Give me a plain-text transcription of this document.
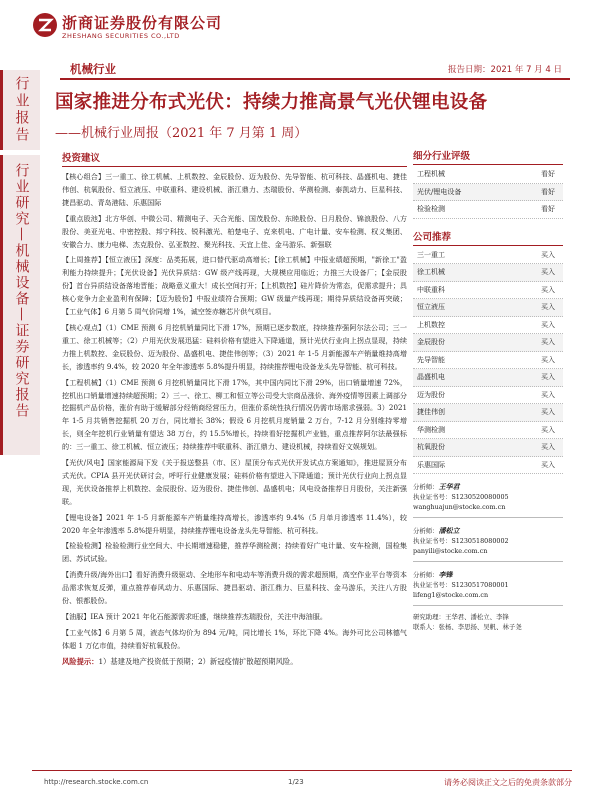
浙商证券股份有限公司
ZHESHANG SECURITIES CO.,LTD
机械行业	报告日期：2021 年 7 月 4 日
行业报告
行业研究—机械设备—证券研究报告
国家推进分布式光伏：持续力推高景气光伏锂电设备
——机械行业周报（2021 年 7 月第 1 周）
投资建议

【核心组合】三一重工、徐工机械、上机数控、金辰股份、迈为股份、先导智能、杭可科技、晶盛机电、捷佳伟创、杭氧股份、恒立液压、中联重科、建设机械、浙江鼎力、杰瑞股份、华测检测、泰凯动力、巨星科技、捷昌驱动、青岛港陆、乐惠国际

【重点股池】北方华创、中微公司、精测电子、天合光能、国茂股份、东睦股份、日月股份、锦浪股份、八方股份、美亚光电、中密控股、邦宁科技、锐科激光、柏楚电子、克来机电、广电计量、安车检测、权义集团、安徽合力、康力电梯、杰克股份、弘亚数控、聚光科技、天宜上佳、金马游乐、新强联

【上周推荐】【恒立液压】深度：品类拓展，进口替代驱动高增长；【徐工机械】中报业绩超预期，"新徐工"盈利能力持续提升；【光伏设备】光伏异质结：GW 级产线再现，大规模应用临近；力推三大设备厂；【金辰股份】首台异质结设备落地晋能；战略意义重大！成长空间打开；【上机数控】硅片降价为常态，促需求提升；具核心竞争力企业盈利有保障；【迈为股份】中报业绩符合预期；GW 级量产线再现；期待异质结设备再突破；【工业气体】6 月第 5 周气价同增 1%，诚空签赤糖芯片供气项目。

【核心观点】（1）CME 预测 6 月挖机销量同比下滑 17%，预期已逐步数底，持续推荐强阿尔法公司；三一重工、徐工机械等；（2）户用光伏发展迅猛：硅料价格有望进入下降通道，预计光伏行业向上拐点显现，持续力推上机数控、金辰股份、迈为股份、晶盛机电、捷佳伟创等；（3）2021 年 1-5 月新能源车产销量维持高增长，渗透率约 9.4%，较 2020 年全年渗透率 5.8%提升明显，持续推荐锂电设备龙头先导智能、杭可科技。

【工程机械】（1）CME 预测 6 月挖机销量同比下滑 17%，其中国内同比下滑 29%，出口销量增速 72%，挖机出口销量增速持续超预期；2）三一、徐工、柳工和恒立等公司受大宗商品涨价、海外疫情等因素上调部分挖掘机产品价格，涨价有助于缓解部分经销商经营压力，但涨价系统性执行情况仍需市场需求强弱。3）2021 年 1-5 月共销售挖掘机 20 万台，同比增长 38%；假设 6 月挖机月度销量 2 万台，7-12 月分别维持零增长，则全年挖机行业销量有望达 38 万台，约 15.5%增长，持续看好挖掘机产业链，重点推荐阿尔法最强标的：三一重工、徐工机械、恒立液压；持续推荐中联重科、浙江鼎力、建设机械，持续看好文娱规划。

【光伏/风电】国家能源局下发《关于报送整县（市、区）屋顶分布式光伏开发试点方案通知》，推进屋顶分布式光伏。CPIA 县开光伏研讨会，呼吁行业健康发展；硅料价格有望进入下降通道；预计光伏行业向上拐点显现，光伏设备推荐上机数控、金辰股份、迈为股份、捷佳伟创、晶盛机电；风电设备推荐日月股份，关注新强联。

【锂电设备】2021 年 1-5 月新能源车产销量维持高增长，渗透率约 9.4%（5 月单月渗透率 11.4%），较 2020 年全年渗透率 5.8%提升明显，持续推荐锂电设备龙头先导智能、杭可科技。

【检验检测】检验检测行业空间大、中长期增速稳健，推荐华测检测；持续看好广电计量、安车检测，国检集团、苏试试验。

【消费升级/海外出口】看好消费升级驱动、全地形车和电动车等消费升级的需求超预期，高空作业平台等资本品需求恢复反弹，重点推荐春风动力、乐惠国际、捷昌驱动、浙江鼎力、巨星科技、金马游乐，关注八方股份、银都股份。

【油服】IEA 预计 2021 年化石能源需求旺盛，继续推荐杰瑞股份，关注中海油服。

【工业气体】6 月第 5 周，液态气体均价为 894 元/吨，同比增长 1%，环比下降 4%。海外可比公司林德气体超 1 万亿市值，持续看好杭氧股份。

风险提示：1）基建及地产投资低于预期；2）新冠疫情扩散超预期风险。
细分行业评级
工程机械	看好
光伏/锂电设备	看好
检验检测	看好
公司推荐
三一重工	买入
徐工机械	买入
中联重科	买入
恒立液压	买入
上机数控	买入
金辰股份	买入
先导智能	买入
晶盛机电	买入
迈为股份	买入
捷佳伟创	买入
华测检测	买入
杭氧股份	买入
乐惠国际	买入
分析师：王华君
执业证书号：S1230520080005
wanghuajun@stocke.com.cn
分析师：潘松立
执业证书号：S1230518080002
panyili@stocke.com.cn
分析师：李锋
执业证书号：S1230517080001
lifeng1@stocke.com.cn
研究助理：王华君、潘松立、李锋
联系人：张杨、李思扬、吴帆、林子尧
http://research.stocke.com.cn	1/23	请务必阅读正文之后的免责条款部分
